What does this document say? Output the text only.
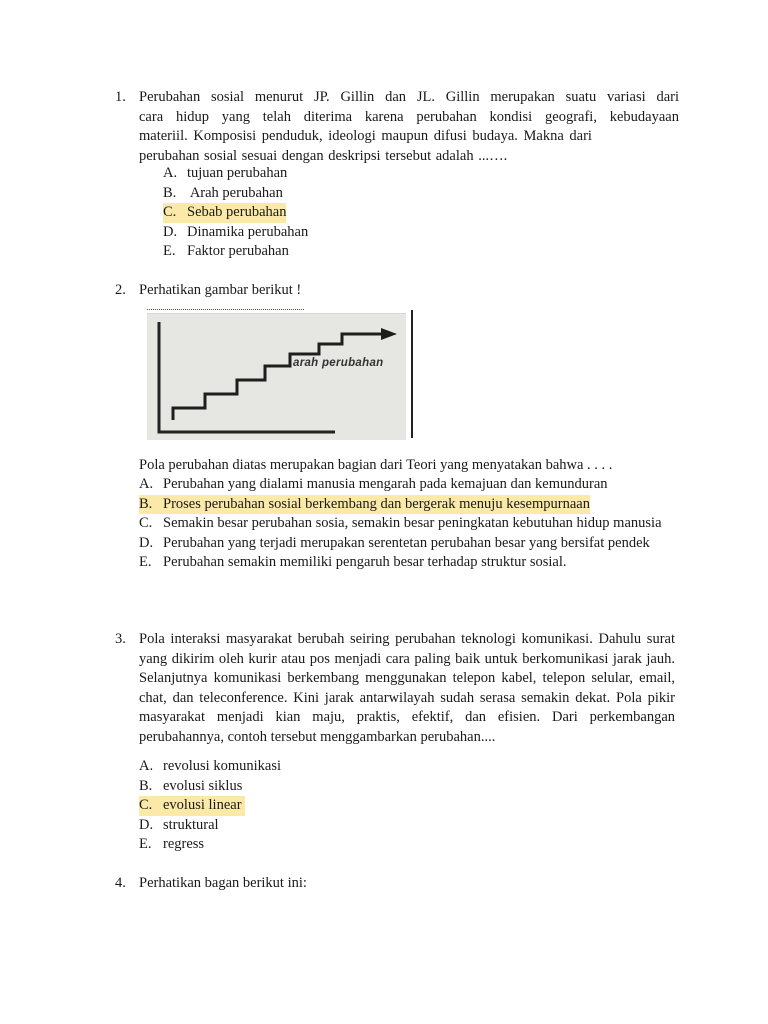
1. Perubahan sosial menurut JP. Gillin dan JL. Gillin merupakan suatu variasi dari
cara hidup yang telah diterima karena perubahan kondisi geografi, kebudayaan
materiil. Komposisi penduduk, ideologi maupun difusi budaya. Makna dari
perubahan sosial sesuai dengan deskripsi tersebut adalah ...….
A. tujuan perubahan
B. Arah perubahan
C. Sebab perubahan
D. Dinamika perubahan
E. Faktor perubahan
2. Perhatikan gambar berikut !
arah perubahan
Pola perubahan diatas merupakan bagian dari Teori yang menyatakan bahwa . . . .
A. Perubahan yang dialami manusia mengarah pada kemajuan dan kemunduran
B. Proses perubahan sosial berkembang dan bergerak menuju kesempurnaan
C. Semakin besar perubahan sosia, semakin besar peningkatan kebutuhan hidup manusia
D. Perubahan yang terjadi merupakan serentetan perubahan besar yang bersifat pendek
E. Perubahan semakin memiliki pengaruh besar terhadap struktur sosial.
3. Pola interaksi masyarakat berubah seiring perubahan teknologi komunikasi. Dahulu surat yang dikirim oleh kurir atau pos menjadi cara paling baik untuk berkomunikasi jarak jauh. Selanjutnya komunikasi berkembang menggunakan telepon kabel, telepon selular, email, chat, dan teleconference. Kini jarak antarwilayah sudah serasa semakin dekat. Pola pikir masyarakat menjadi kian maju, praktis, efektif, dan efisien. Dari perkembangan perubahannya, contoh tersebut menggambarkan perubahan....
A. revolusi komunikasi
B. evolusi siklus
C. evolusi linear
D. struktural
E. regress
4. Perhatikan bagan berikut ini:
